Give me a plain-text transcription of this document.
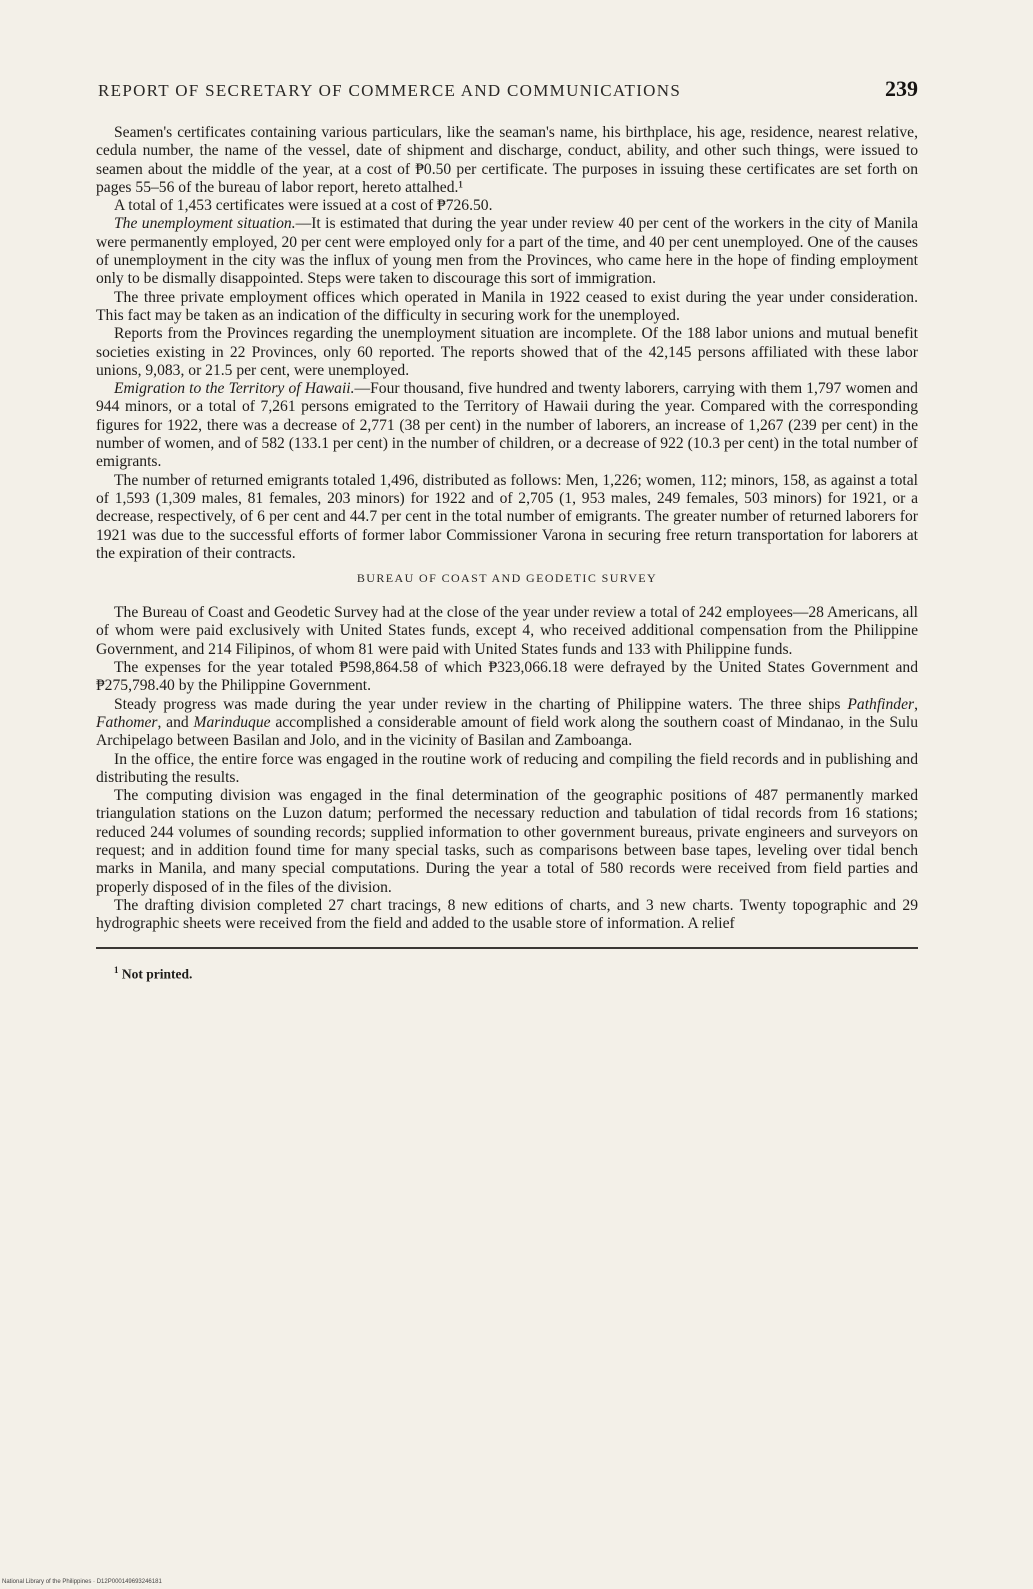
REPORT OF SECRETARY OF COMMERCE AND COMMUNICATIONS	239

Seamen's certificates containing various particulars, like the seaman's name, his birthplace, his age, residence, nearest relative, cedula number, the name of the vessel, date of shipment and discharge, conduct, ability, and other such things, were issued to seamen about the middle of the year, at a cost of ₱0.50 per certificate. The purposes in issuing these certificates are set forth on pages 55–56 of the bureau of labor report, hereto attalhed.¹

A total of 1,453 certificates were issued at a cost of ₱726.50.

The unemployment situation.—It is estimated that during the year under review 40 per cent of the workers in the city of Manila were permanently employed, 20 per cent were employed only for a part of the time, and 40 per cent unemployed. One of the causes of unemployment in the city was the influx of young men from the Provinces, who came here in the hope of finding employment only to be dismally disappointed. Steps were taken to discourage this sort of immigration.

The three private employment offices which operated in Manila in 1922 ceased to exist during the year under consideration. This fact may be taken as an indication of the difficulty in securing work for the unemployed.

Reports from the Provinces regarding the unemployment situation are incomplete. Of the 188 labor unions and mutual benefit societies existing in 22 Provinces, only 60 reported. The reports showed that of the 42,145 persons affiliated with these labor unions, 9,083, or 21.5 per cent, were unemployed.

Emigration to the Territory of Hawaii.—Four thousand, five hundred and twenty laborers, carrying with them 1,797 women and 944 minors, or a total of 7,261 persons emigrated to the Territory of Hawaii during the year. Compared with the corresponding figures for 1922, there was a decrease of 2,771 (38 per cent) in the number of laborers, an increase of 1,267 (239 per cent) in the number of women, and of 582 (133.1 per cent) in the number of children, or a decrease of 922 (10.3 per cent) in the total number of emigrants.

The number of returned emigrants totaled 1,496, distributed as follows: Men, 1,226; women, 112; minors, 158, as against a total of 1,593 (1,309 males, 81 females, 203 minors) for 1922 and of 2,705 (1, 953 males, 249 females, 503 minors) for 1921, or a decrease, respectively, of 6 per cent and 44.7 per cent in the total number of emigrants. The greater number of returned laborers for 1921 was due to the successful efforts of former labor Commissioner Varona in securing free return transportation for laborers at the expiration of their contracts.

BUREAU OF COAST AND GEODETIC SURVEY

The Bureau of Coast and Geodetic Survey had at the close of the year under review a total of 242 employees—28 Americans, all of whom were paid exclusively with United States funds, except 4, who received additional compensation from the Philippine Government, and 214 Filipinos, of whom 81 were paid with United States funds and 133 with Philippine funds.

The expenses for the year totaled ₱598,864.58 of which ₱323,066.18 were defrayed by the United States Government and ₱275,798.40 by the Philippine Government.

Steady progress was made during the year under review in the charting of Philippine waters. The three ships Pathfinder, Fathomer, and Marinduque accomplished a considerable amount of field work along the southern coast of Mindanao, in the Sulu Archipelago between Basilan and Jolo, and in the vicinity of Basilan and Zamboanga.

In the office, the entire force was engaged in the routine work of reducing and compiling the field records and in publishing and distributing the results.

The computing division was engaged in the final determination of the geographic positions of 487 permanently marked triangulation stations on the Luzon datum; performed the necessary reduction and tabulation of tidal records from 16 stations; reduced 244 volumes of sounding records; supplied information to other government bureaus, private engineers and surveyors on request; and in addition found time for many special tasks, such as comparisons between base tapes, leveling over tidal bench marks in Manila, and many special computations. During the year a total of 580 records were received from field parties and properly disposed of in the files of the division.

The drafting division completed 27 chart tracings, 8 new editions of charts, and 3 new charts. Twenty topographic and 29 hydrographic sheets were received from the field and added to the usable store of information. A relief

$^1$ Not printed.
National Library of the Philippines · D12P000149693246181
